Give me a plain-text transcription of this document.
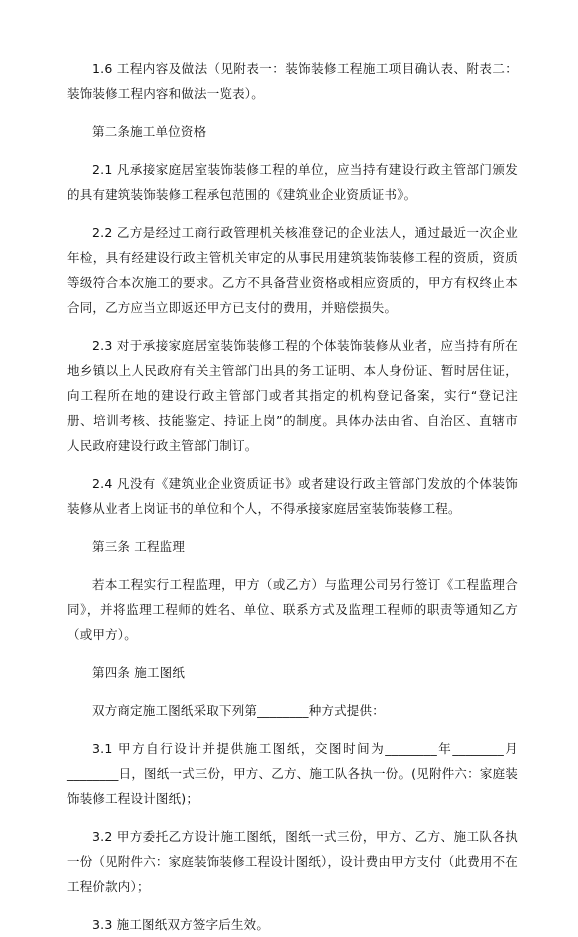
1.6 工程内容及做法（见附表一：装饰装修工程施工项目确认表、附表二：装饰装修工程内容和做法一览表）。

第二条施工单位资格

2.1 凡承接家庭居室装饰装修工程的单位，应当持有建设行政主管部门颁发的具有建筑装饰装修工程承包范围的《建筑业企业资质证书》。

2.2 乙方是经过工商行政管理机关核准登记的企业法人，通过最近一次企业年检，具有经建设行政主管机关审定的从事民用建筑装饰装修工程的资质，资质等级符合本次施工的要求。乙方不具备营业资格或相应资质的，甲方有权终止本合同，乙方应当立即返还甲方已支付的费用，并赔偿损失。

2.3 对于承接家庭居室装饰装修工程的个体装饰装修从业者，应当持有所在地乡镇以上人民政府有关主管部门出具的务工证明、本人身份证、暂时居住证，向工程所在地的建设行政主管部门或者其指定的机构登记备案，实行“登记注册、培训考核、技能鉴定、持证上岗”的制度。具体办法由省、自治区、直辖市人民政府建设行政主管部门制订。

2.4 凡没有《建筑业企业资质证书》或者建设行政主管部门发放的个体装饰装修从业者上岗证书的单位和个人，不得承接家庭居室装饰装修工程。

第三条 工程监理

若本工程实行工程监理，甲方（或乙方）与监理公司另行签订《工程监理合同》，并将监理工程师的姓名、单位、联系方式及监理工程师的职责等通知乙方（或甲方）。

第四条 施工图纸

双方商定施工图纸采取下列第________种方式提供：

3.1 甲方自行设计并提供施工图纸，交图时间为________年________月________日，图纸一式三份，甲方、乙方、施工队各执一份。(见附件六：家庭装饰装修工程设计图纸)；

3.2 甲方委托乙方设计施工图纸，图纸一式三份，甲方、乙方、施工队各执一份（见附件六：家庭装饰装修工程设计图纸），设计费由甲方支付（此费用不在工程价款内）；

3.3 施工图纸双方签字后生效。
